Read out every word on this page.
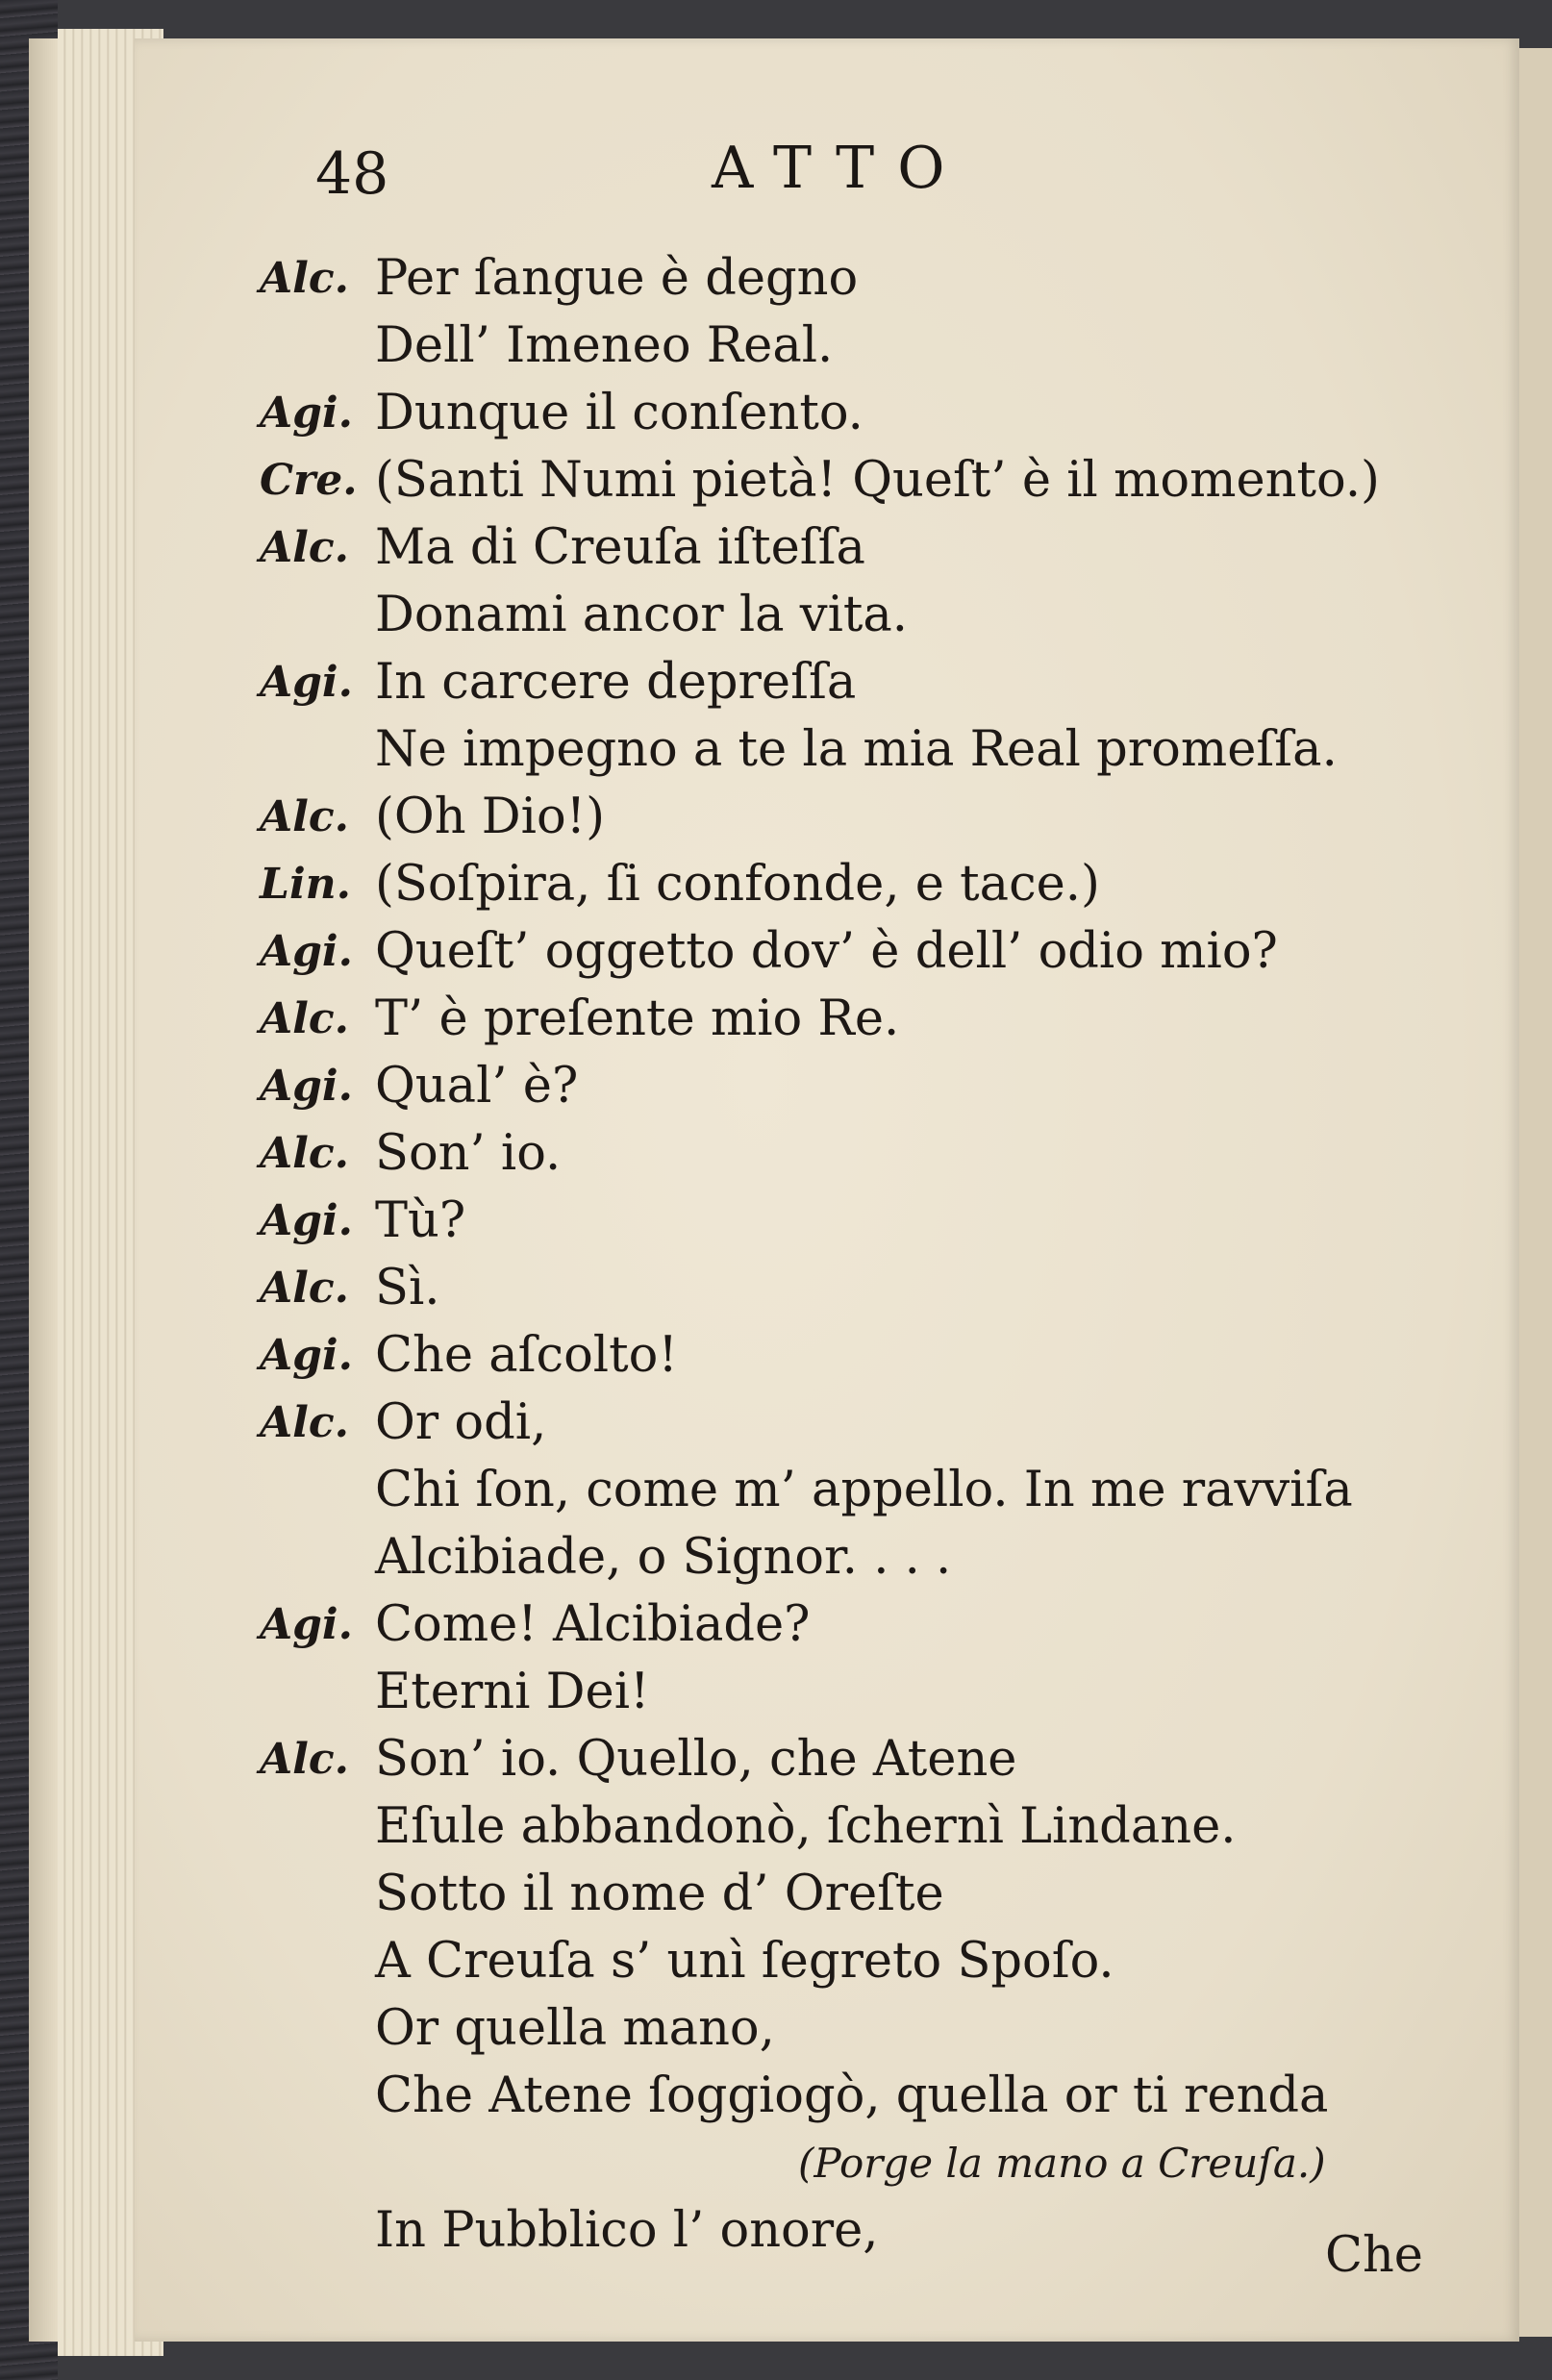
48	ATTO
Alc. Per ſangue è degno
Dell’ Imeneo Real.
Agi. Dunque il conſento.
Cre. (Santi Numi pietà! Queſt’ è il momento.)
Alc. Ma di Creuſa iſteſſa
Donami ancor la vita.
Agi. In carcere depreſſa
Ne impegno a te la mia Real promeſſa.
Alc. (Oh Dio!)
Lin. (Soſpira, ſi confonde, e tace.)
Agi. Queſt’ oggetto dov’ è dell’ odio mio?
Alc. T’ è preſente mio Re.
Agi. Qual’ è?
Alc. Son’ io.
Agi. Tù?
Alc. Sì.
Agi. Che aſcolto!
Alc. Or odi,
Chi ſon, come m’ appello. In me ravviſa
Alcibiade, o Signor. . . .
Agi. Come! Alcibiade?
Eterni Dei!
Alc. Son’ io. Quello, che Atene
Eſule abbandonò, ſchernì Lindane.
Sotto il nome d’ Oreſte
A Creuſa s’ unì ſegreto Spoſo.
Or quella mano,
Che Atene ſoggiogò, quella or ti renda
(Porge la mano a Creuſa.)
In Pubblico l’ onore,	Che
